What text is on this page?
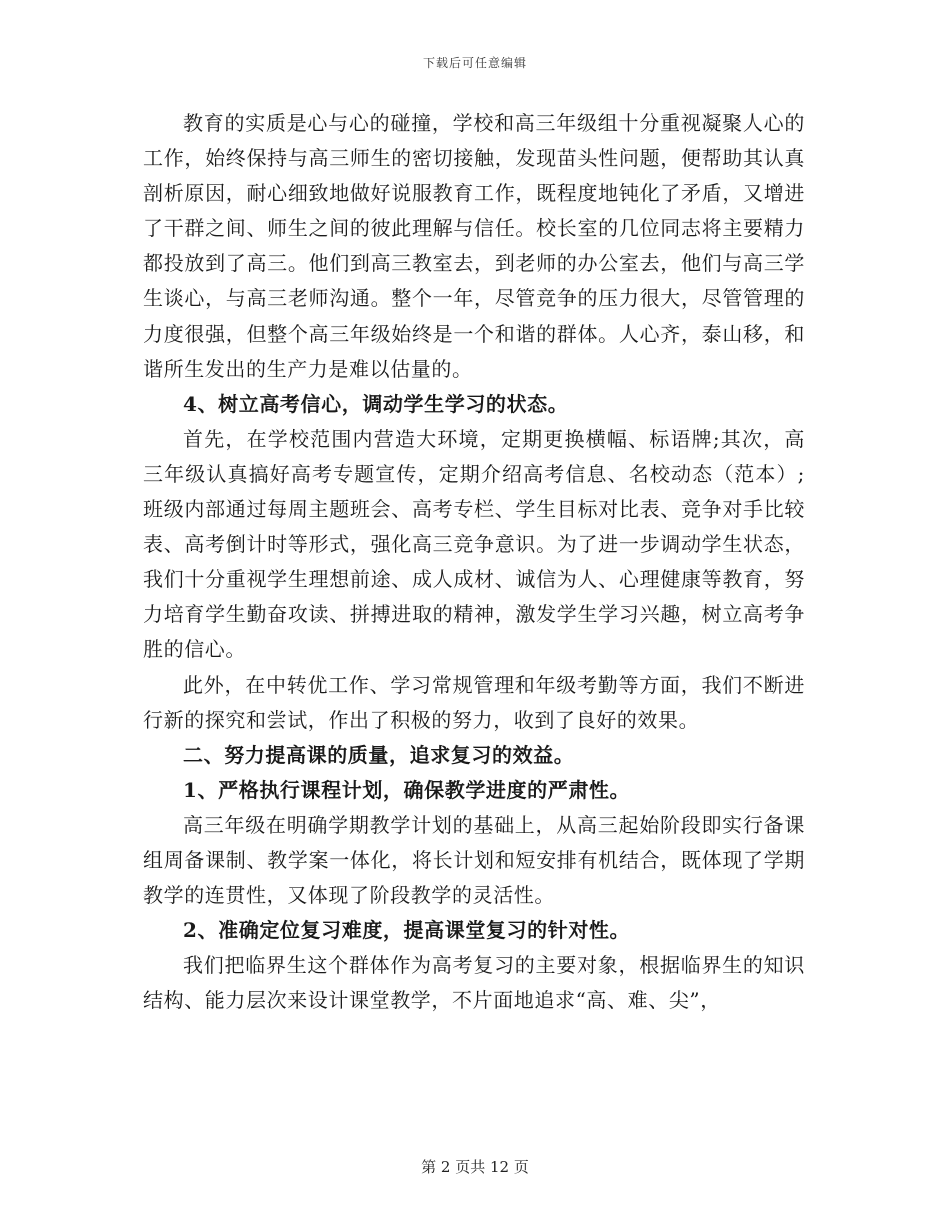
下载后可任意编辑

教育的实质是心与心的碰撞，学校和高三年级组十分重视凝聚人心的工作，始终保持与高三师生的密切接触，发现苗头性问题，便帮助其认真剖析原因，耐心细致地做好说服教育工作，既程度地钝化了矛盾，又增进了干群之间、师生之间的彼此理解与信任。校长室的几位同志将主要精力都投放到了高三。他们到高三教室去，到老师的办公室去，他们与高三学生谈心，与高三老师沟通。整个一年，尽管竞争的压力很大，尽管管理的力度很强，但整个高三年级始终是一个和谐的群体。人心齐，泰山移，和谐所生发出的生产力是难以估量的。

4、树立高考信心，调动学生学习的状态。

首先，在学校范围内营造大环境，定期更换横幅、标语牌;其次，高三年级认真搞好高考专题宣传，定期介绍高考信息、名校动态（范本）;班级内部通过每周主题班会、高考专栏、学生目标对比表、竞争对手比较表、高考倒计时等形式，强化高三竞争意识。为了进一步调动学生状态，我们十分重视学生理想前途、成人成材、诚信为人、心理健康等教育，努力培育学生勤奋攻读、拼搏进取的精神，激发学生学习兴趣，树立高考争胜的信心。

此外，在中转优工作、学习常规管理和年级考勤等方面，我们不断进行新的探究和尝试，作出了积极的努力，收到了良好的效果。

二、努力提高课的质量，追求复习的效益。

1、严格执行课程计划，确保教学进度的严肃性。

高三年级在明确学期教学计划的基础上，从高三起始阶段即实行备课组周备课制、教学案一体化，将长计划和短安排有机结合，既体现了学期教学的连贯性，又体现了阶段教学的灵活性。

2、准确定位复习难度，提高课堂复习的针对性。

我们把临界生这个群体作为高考复习的主要对象，根据临界生的知识结构、能力层次来设计课堂教学，不片面地追求“高、难、尖”，

第 2 页共 12 页
